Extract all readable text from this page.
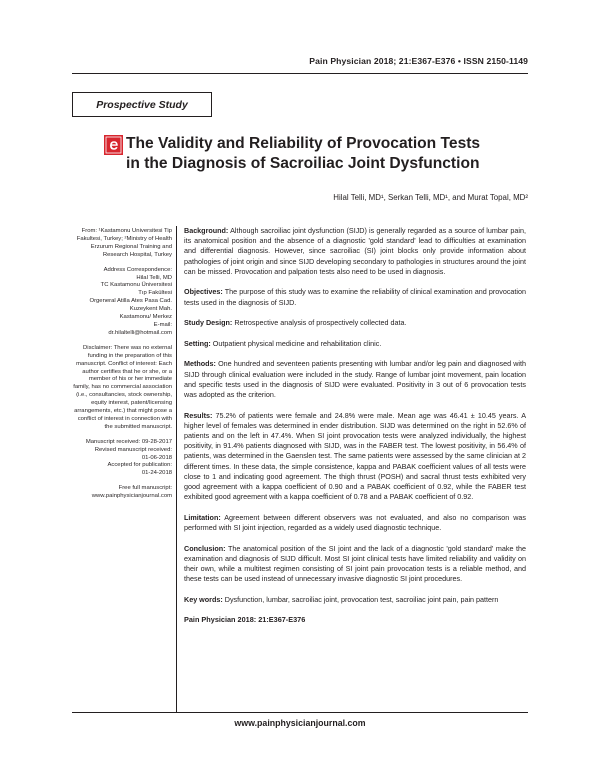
Pain Physician 2018; 21:E367-E376 • ISSN 2150-1149
Prospective Study
The Validity and Reliability of Provocation Tests
in the Diagnosis of Sacroiliac Joint Dysfunction
Hilal Telli, MD¹, Serkan Telli, MD¹, and Murat Topal, MD²

From: ¹Kastamonu Universitesi Tip Fakultesi, Turkey; ²Ministry of Health Erzurum Regional Training and Research Hospital, Turkey

Address Correspondence:
Hilal Telli, MD
TC Kastamonu Üniversitesi
Tıp Fakültesi
Orgeneral Atilla Ates Pasa Cad.
Kuzeykent Mah.
Kastamonu/ Merkez
E-mail:
dr.hilaltelli@hotmail.com

Disclaimer: There was no external funding in the preparation of this manuscript. Conflict of interest: Each author certifies that he or she, or a member of his or her immediate family, has no commercial association (i.e., consultancies, stock ownership, equity interest, patent/licensing arrangements, etc.) that might pose a conflict of interest in connection with the submitted manuscript.

Manuscript received: 09-28-2017
Revised manuscript received:
01-06-2018
Accepted for publication:
01-24-2018

Free full manuscript:
www.painphysicianjournal.com

Background: Although sacroiliac joint dysfunction (SIJD) is generally regarded as a source of lumbar pain, its anatomical position and the absence of a diagnostic 'gold standard' lead to difficulties at examination and differential diagnosis. However, since sacroiliac (SI) joint blocks only provide information about pathologies of joint origin and since SIJD developing secondary to pathologies in structures around the joint can be missed. Provocation and palpation tests also need to be used in diagnosis.

Objectives: The purpose of this study was to examine the reliability of clinical examination and provocation tests used in the diagnosis of SIJD.

Study Design: Retrospective analysis of prospectively collected data.

Setting: Outpatient physical medicine and rehabilitation clinic.

Methods: One hundred and seventeen patients presenting with lumbar and/or leg pain and diagnosed with SIJD through clinical evaluation were included in the study. Range of lumbar joint movement, pain location and specific tests used in the diagnosis of SIJD were evaluated. Positivity in 3 out of 6 provocation tests was adopted as the criterion.

Results: 75.2% of patients were female and 24.8% were male. Mean age was 46.41 ± 10.45 years. A higher level of females was determined in ender distribution. SIJD was determined on the right in 52.6% of patients and on the left in 47.4%. When SI joint provocation tests were analyzed individually, the highest positivity, in 91.4% patients diagnosed with SIJD, was in the FABER test. The lowest positivity, in 56.4% of patients, was determined in the Gaenslen test. The same patients were assessed by the same clinician at 2 different times. In these data, the simple consistence, kappa and PABAK coefficient values of all tests were close to 1 and indicating good agreement. The thigh thrust (POSH) and sacral thrust tests exhibited very good agreement with a kappa coefficient of 0.90 and a PABAK coefficient of 0.92, while the FABER test exhibited good agreement with a kappa coefficient of 0.78 and a PABAK coefficient of 0.92.

Limitation: Agreement between different observers was not evaluated, and also no comparison was performed with SI joint injection, regarded as a widely used diagnostic technique.

Conclusion: The anatomical position of the SI joint and the lack of a diagnostic 'gold standard' make the examination and diagnosis of SIJD difficult. Most SI joint clinical tests have limited reliability and validity on their own, while a multitest regimen consisting of SI joint pain provocation tests is a reliable method, and these tests can be used instead of unnecessary invasive diagnostic SI joint procedures.

Key words: Dysfunction, lumbar, sacroiliac joint, provocation test, sacroiliac joint pain, pain pattern

Pain Physician 2018: 21:E367-E376

www.painphysicianjournal.com
